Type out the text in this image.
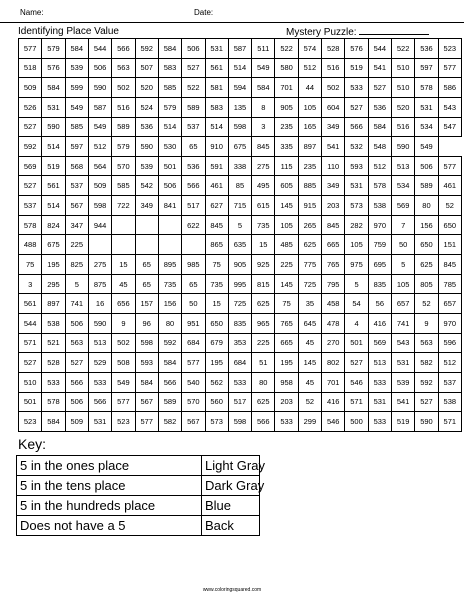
Name:	Date:
Identifying Place Value	Mystery Puzzle:
577	579	584	544	566	592	584	506	531	587	511	522	574	528	576	544	522	536	523
518	576	539	506	563	507	583	527	561	514	549	580	512	516	519	541	510	597	577
509	584	599	590	502	520	585	522	581	594	584	701	44	502	533	527	510	578	586
526	531	549	587	516	524	579	589	583	135	8	905	105	604	527	536	520	531	543
527	590	585	549	589	536	514	537	514	598	3	235	165	349	566	584	516	534	547
592	514	597	512	579	590	530	65	910	675	845	335	897	541	532	548	590	549	
569	519	568	564	570	539	501	536	591	338	275	115	235	110	593	512	513	506	577
527	561	537	509	585	542	506	566	461	85	495	605	885	349	531	578	534	589	461
537	514	567	598	722	349	841	517	627	715	615	145	915	203	573	538	569	80	52
578	824	347	944				622	845	5	735	105	265	845	282	970	7	156	650
488	675	225						865	635	15	485	625	665	105	759	50	650	151
75	195	825	275	15	65	895	985	75	905	925	225	775	765	975	695	5	625	845
3	295	5	875	45	65	735	65	735	995	815	145	725	795	5	835	105	805	785
561	897	741	16	656	157	156	50	15	725	625	75	35	458	54	56	657	52	657
544	538	506	590	9	96	80	951	650	835	965	765	645	478	4	416	741	9	970
571	521	563	513	502	598	592	684	679	353	225	665	45	270	501	569	543	563	596
527	528	527	529	508	593	584	577	195	684	51	195	145	802	527	513	531	582	512
510	533	566	533	549	584	566	540	562	533	80	958	45	701	546	533	539	592	537
501	578	506	566	577	567	589	570	560	517	625	203	52	416	571	531	541	527	538
523	584	509	531	523	577	582	567	573	598	566	533	299	546	500	533	519	590	571
Key:
5 in the ones place	Light Gray
5 in the tens place	Dark Gray
5 in the hundreds place	Blue
Does not have a 5	Back
www.coloringsquared.com
